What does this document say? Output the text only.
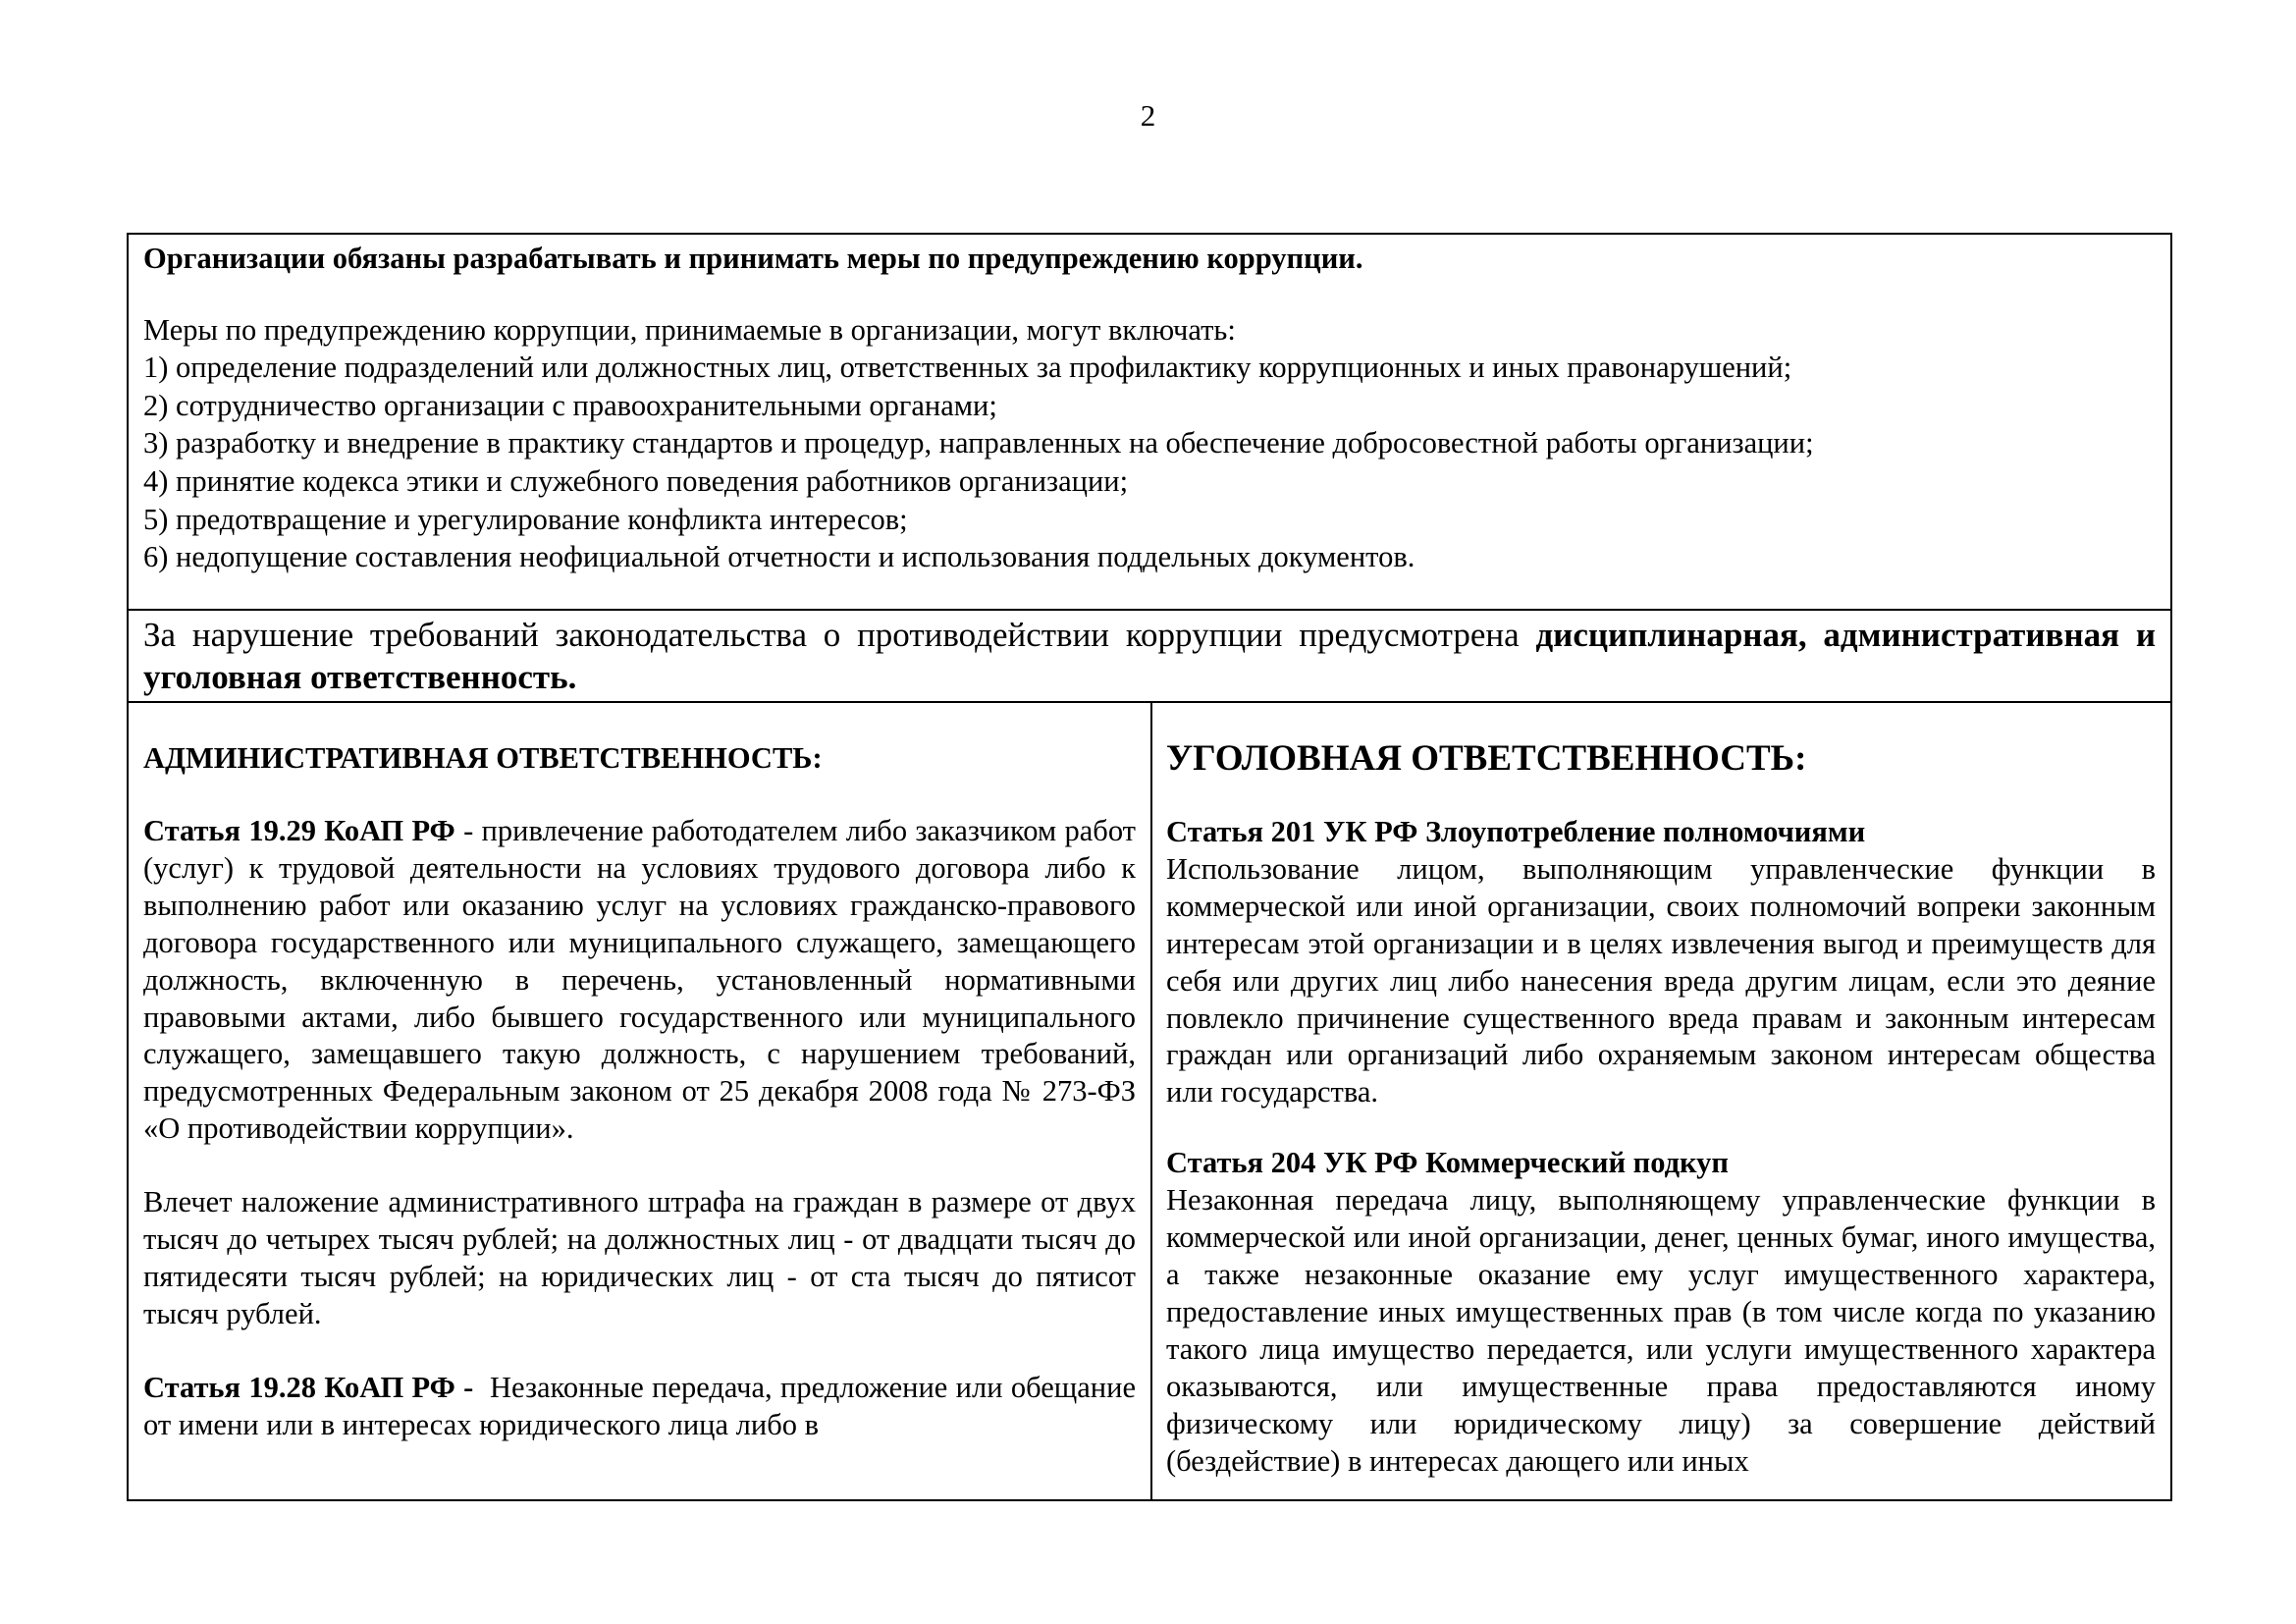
2

Организации обязаны разрабатывать и принимать меры по предупреждению коррупции.

Меры по предупреждению коррупции, принимаемые в организации, могут включать:

1) определение подразделений или должностных лиц, ответственных за профилактику коррупционных и иных правонарушений;

2) сотрудничество организации с правоохранительными органами;

3) разработку и внедрение в практику стандартов и процедур, направленных на обеспечение добросовестной работы организации;

4) принятие кодекса этики и служебного поведения работников организации;

5) предотвращение и урегулирование конфликта интересов;

6) недопущение составления неофициальной отчетности и использования поддельных документов.

За нарушение требований законодательства о противодействии коррупции предусмотрена дисциплинарная, административная и уголовная ответственность.

АДМИНИСТРАТИВНАЯ ОТВЕТСТВЕННОСТЬ:

Статья 19.29 КоАП РФ - привлечение работодателем либо заказчиком работ (услуг) к трудовой деятельности на условиях трудового договора либо к выполнению работ или оказанию услуг на условиях гражданско-правового договора государственного или муниципального служащего, замещающего должность, включенную в перечень, установленный нормативными правовыми актами, либо бывшего государственного или муниципального служащего, замещавшего такую должность, с нарушением требований, предусмотренных Федеральным законом от 25 декабря 2008 года № 273-ФЗ «О противодействии коррупции».

Влечет наложение административного штрафа на граждан в размере от двух тысяч до четырех тысяч рублей; на должностных лиц - от двадцати тысяч до пятидесяти тысяч рублей; на юридических лиц - от ста тысяч до пятисот тысяч рублей.

Статья 19.28 КоАП РФ - Незаконные передача, предложение или обещание от имени или в интересах юридического лица либо в

УГОЛОВНАЯ ОТВЕТСТВЕННОСТЬ:

Статья 201 УК РФ Злоупотребление полномочиями

Использование лицом, выполняющим управленческие функции в коммерческой или иной организации, своих полномочий вопреки законным интересам этой организации и в целях извлечения выгод и преимуществ для себя или других лиц либо нанесения вреда другим лицам, если это деяние повлекло причинение существенного вреда правам и законным интересам граждан или организаций либо охраняемым законом интересам общества или государства.

Статья 204 УК РФ Коммерческий подкуп

Незаконная передача лицу, выполняющему управленческие функции в коммерческой или иной организации, денег, ценных бумаг, иного имущества, а также незаконные оказание ему услуг имущественного характера, предоставление иных имущественных прав (в том числе когда по указанию такого лица имущество передается, или услуги имущественного характера оказываются, или имущественные права предоставляются иному физическому или юридическому лицу) за совершение действий (бездействие) в интересах дающего или иных
